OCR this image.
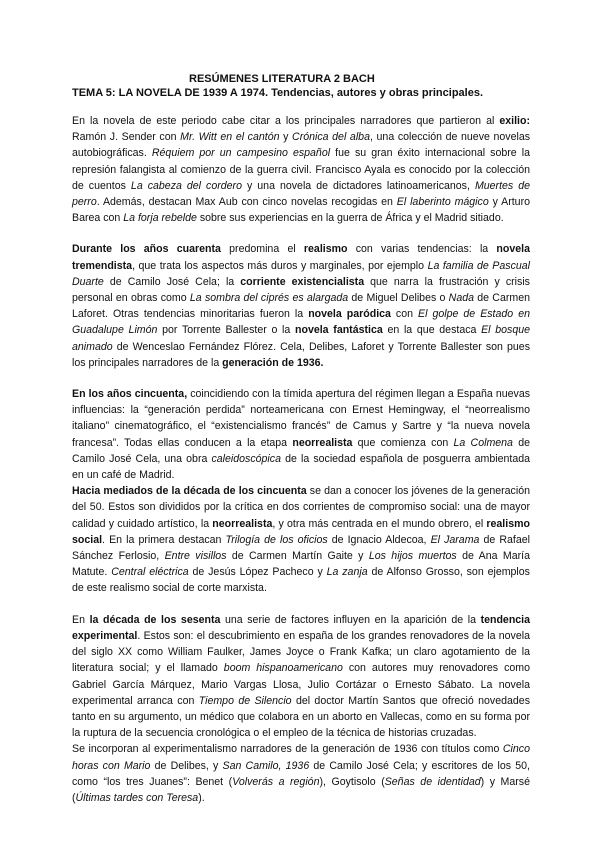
RESÚMENES LITERATURA 2 BACH
TEMA 5: LA NOVELA DE 1939 A 1974. Tendencias, autores y obras principales.

En la novela de este periodo cabe citar a los principales narradores que partieron al exilio: Ramón J. Sender con Mr. Witt en el cantón y Crónica del alba, una colección de nueve novelas autobiográficas. Réquiem por un campesino español fue su gran éxito internacional sobre la represión falangista al comienzo de la guerra civil. Francisco Ayala es conocido por la colección de cuentos La cabeza del cordero y una novela de dictadores latinoamericanos, Muertes de perro. Además, destacan Max Aub con cinco novelas recogidas en El laberinto mágico y Arturo Barea con La forja rebelde sobre sus experiencias en la guerra de África y el Madrid sitiado.

Durante los años cuarenta predomina el realismo con varias tendencias: la novela tremendista, que trata los aspectos más duros y marginales, por ejemplo La familia de Pascual Duarte de Camilo José Cela; la corriente existencialista que narra la frustración y crisis personal en obras como La sombra del ciprés es alargada de Miguel Delibes o Nada de Carmen Laforet. Otras tendencias minoritarias fueron la novela paródica con El golpe de Estado en Guadalupe Limón por Torrente Ballester o la novela fantástica en la que destaca El bosque animado de Wenceslao Fernández Flórez. Cela, Delibes, Laforet y Torrente Ballester son pues los principales narradores de la generación de 1936.

En los años cincuenta, coincidiendo con la tímida apertura del régimen llegan a España nuevas influencias: la “generación perdida” norteamericana con Ernest Hemingway, el “neorrealismo italiano” cinematográfico, el “existencialismo francés” de Camus y Sartre y “la nueva novela francesa”. Todas ellas conducen a la etapa neorrealista que comienza con La Colmena de Camilo José Cela, una obra caleidoscópica de la sociedad española de posguerra ambientada en un café de Madrid.

Hacia mediados de la década de los cincuenta se dan a conocer los jóvenes de la generación del 50. Estos son divididos por la crítica en dos corrientes de compromiso social: una de mayor calidad y cuidado artístico, la neorrealista, y otra más centrada en el mundo obrero, el realismo social. En la primera destacan Trilogía de los oficios de Ignacio Aldecoa, El Jarama de Rafael Sánchez Ferlosio, Entre visillos de Carmen Martín Gaite y Los hijos muertos de Ana María Matute. Central eléctrica de Jesús López Pacheco y La zanja de Alfonso Grosso, son ejemplos de este realismo social de corte marxista.

En la década de los sesenta una serie de factores influyen en la aparición de la tendencia experimental. Estos son: el descubrimiento en españa de los grandes renovadores de la novela del siglo XX como William Faulker, James Joyce o Frank Kafka; un claro agotamiento de la literatura social; y el llamado boom hispanoamericano con autores muy renovadores como Gabriel García Márquez, Mario Vargas Llosa, Julio Cortázar o Ernesto Sábato. La novela experimental arranca con Tiempo de Silencio del doctor Martín Santos que ofreció novedades tanto en su argumento, un médico que colabora en un aborto en Vallecas, como en su forma por la ruptura de la secuencia cronológica o el empleo de la técnica de historias cruzadas.

Se incorporan al experimentalismo narradores de la generación de 1936 con títulos como Cinco horas con Mario de Delibes, y San Camilo, 1936 de Camilo José Cela; y escritores de los 50, como “los tres Juanes”: Benet (Volverás a región), Goytisolo (Señas de identidad) y Marsé (Últimas tardes con Teresa).
